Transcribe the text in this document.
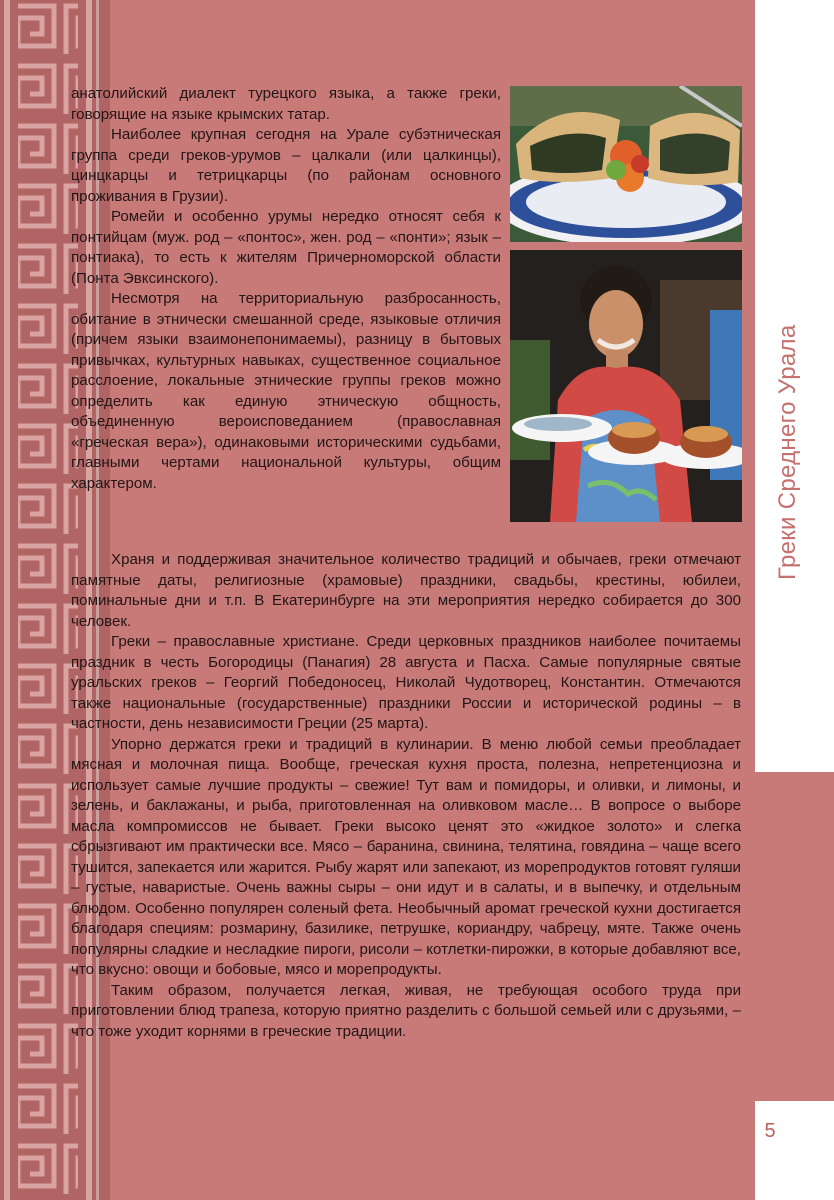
Греки Среднего Урала
5

анатолийский диалект турецкого языка, а также греки, говорящие на языке крымских татар.

Наиболее крупная сегодня на Урале субэтническая группа среди греков-урумов – цалкали (или цалкинцы), цинцкарцы и тетрицкарцы (по районам основного проживания в Грузии).

Ромейи и особенно урумы нередко относят себя к понтийцам (муж. род – «понтос», жен. род – «понти»; язык – понтиака), то есть к жителям Причерноморской области (Понта Эвксинского).

Несмотря на территориальную разбросанность, обитание в этнически смешанной среде, языковые отличия (причем языки взаимонепонимаемы), разницу в бытовых привычках, культурных навыках, существенное социальное расслоение, локальные этнические группы греков можно определить как единую этническую общность, объединенную вероисповеданием (православная «греческая вера»), одинаковыми историческими судьбами, главными чертами национальной культуры, общим характером.

Храня и поддерживая значительное количество традиций и обычаев, греки отмечают памятные даты, религиозные (храмовые) праздники, свадьбы, крестины, юбилеи, поминальные дни и т.п. В Екатеринбурге на эти мероприятия нередко собирается до 300 человек.

Греки – православные христиане. Среди церковных праздников наиболее почитаемы праздник в честь Богородицы (Панагия) 28 августа и Пасха. Самые популярные святые уральских греков – Георгий Победоносец, Николай Чудотворец, Константин. Отмечаются также национальные (государственные) праздники России и исторической родины – в частности, день независимости Греции (25 марта).

Упорно держатся греки и традиций в кулинарии. В меню любой семьи преобладает мясная и молочная пища. Вообще, греческая кухня проста, полезна, непретенциозна и использует самые лучшие продукты – свежие! Тут вам и помидоры, и оливки, и лимоны, и зелень, и баклажаны, и рыба, приготовленная на оливковом масле… В вопросе о выборе масла компромиссов не бывает. Греки высоко ценят это «жидкое золото» и слегка сбрызгивают им практически все. Мясо – баранина, свинина, телятина, говядина – чаще всего тушится, запекается или жарится. Рыбу жарят или запекают, из морепродуктов готовят гуляши – густые, наваристые. Очень важны сыры – они идут и в салаты, и в выпечку, и отдельным блюдом. Особенно популярен соленый фета. Необычный аромат греческой кухни достигается благодаря специям: розмарину, базилике, петрушке, кориандру, чабрецу, мяте. Также очень популярны сладкие и несладкие пироги, рисоли – котлетки-пирожки, в которые добавляют все, что вкусно: овощи и бобовые, мясо и морепродукты.

Таким образом, получается легкая, живая, не требующая особого труда при приготовлении блюд трапеза, которую приятно разделить с большой семьей или с друзьями, – что тоже уходит корнями в греческие традиции.
